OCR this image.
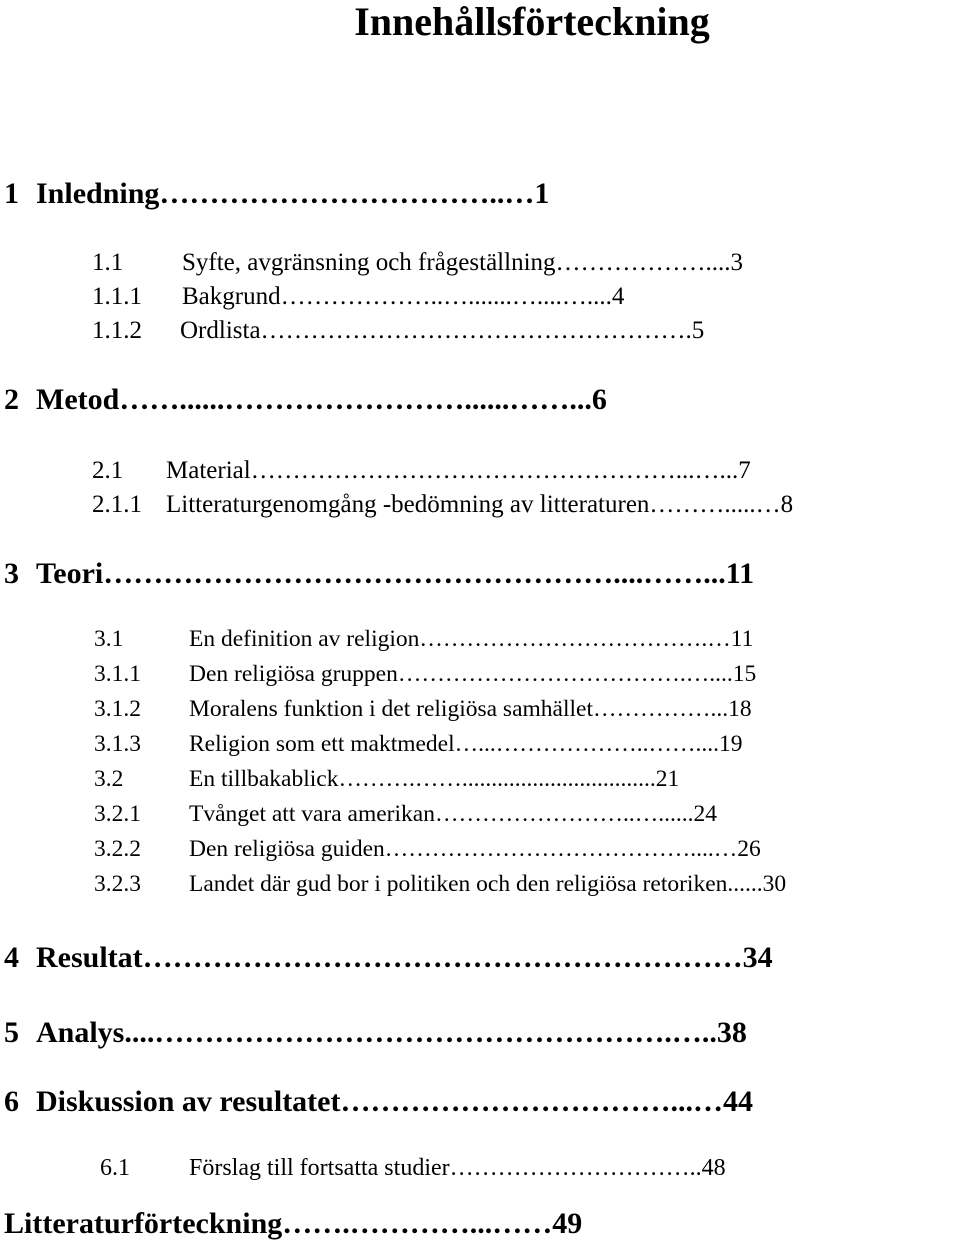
Innehållsförteckning
1 Inledning……………………………..…1
1.1 Syfte, avgränsning och frågeställning………………....3
1.1.1 Bakgrund………………..….......…....…....4
1.1.2 Ordlista…………………………………………….5
2 Metod……......……………………......……...6
2.1 Material……………………………………………...…...7
2.1.1 Litteraturgenomgång -bedömning av litteraturen……….....…8
3 Teori……………………………………………....……...11
3.1	En definition av religion……………………………….…11
3.1.1 Den religiösa gruppen……………………………….…....15
3.1.2 Moralens funktion i det religiösa samhället……………...18
3.1.3 Religion som ett maktmedel…...………………..……....19
3.2	En tillbakablick……….…….................................21
3.2.1 Tvånget att vara amerikan……………………..…......24
3.2.2 Den religiösa guiden…………………………………....…26
3.2.3 Landet där gud bor i politiken och den religiösa retoriken......30
4 Resultat……………………………………………………34
5 Analys....…………………………………………….…..38
6 Diskussion av resultatet……………………………...…44
6.1 Förslag till fortsatta studier…………………………..48
Litteraturförteckning…….…………...……49
